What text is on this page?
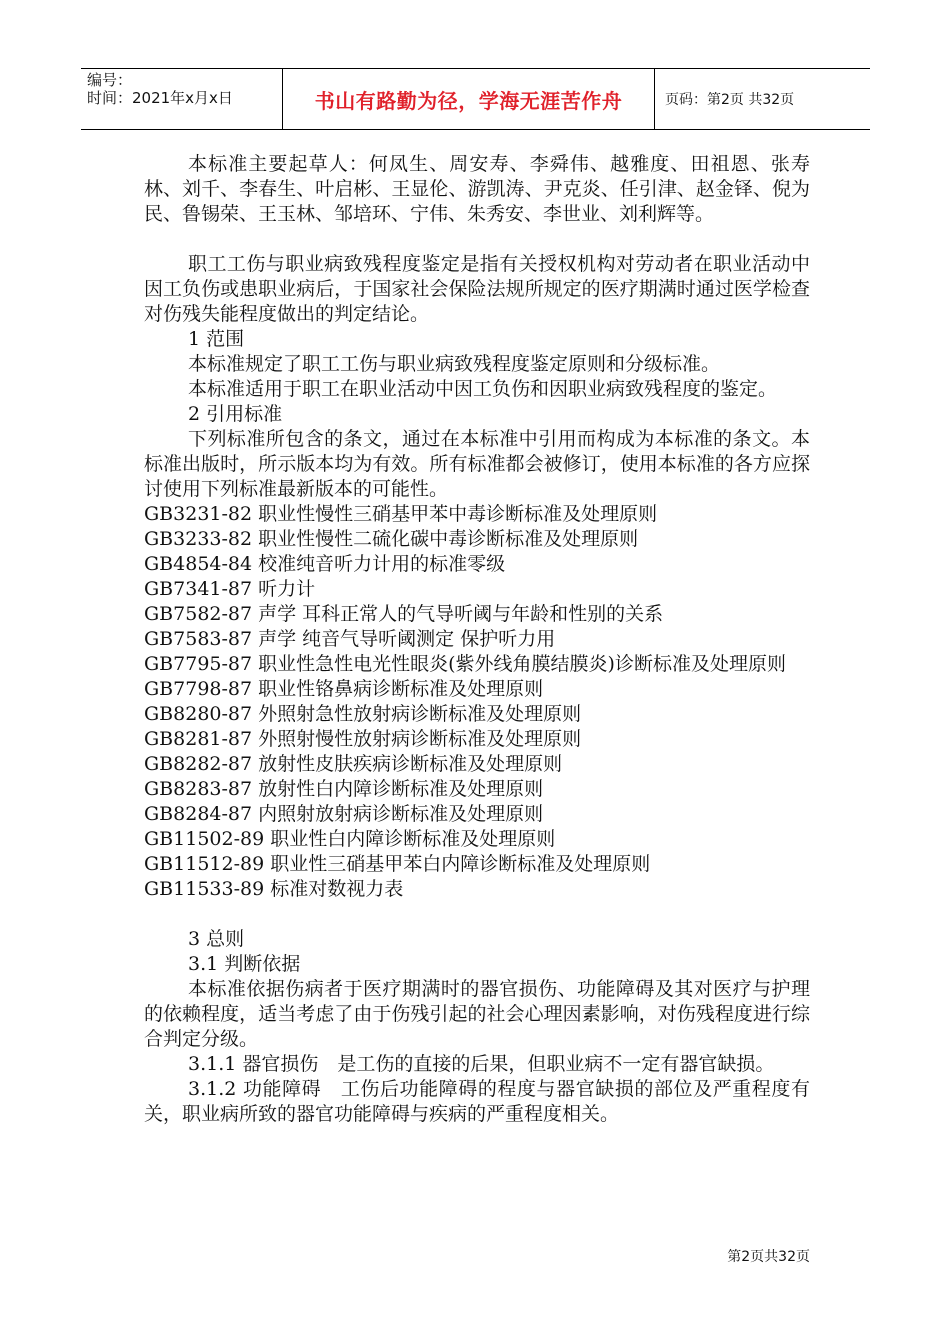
编号：
时间：2021年x月x日	书山有路勤为径，学海无涯苦作舟	页码：第2页 共32页

本标准主要起草人：何凤生、周安寿、李舜伟、越雅度、田祖恩、张寿林、刘千、李春生、叶启彬、王显伦、游凯涛、尹克炎、任引津、赵金铎、倪为民、鲁锡荣、王玉林、邹培环、宁伟、朱秀安、李世业、刘利辉等。

职工工伤与职业病致残程度鉴定是指有关授权机构对劳动者在职业活动中因工负伤或患职业病后，于国家社会保险法规所规定的医疗期满时通过医学检查对伤残失能程度做出的判定结论。

1 范围

本标准规定了职工工伤与职业病致残程度鉴定原则和分级标准。

本标准适用于职工在职业活动中因工负伤和因职业病致残程度的鉴定。

2 引用标准

下列标准所包含的条文，通过在本标准中引用而构成为本标准的条文。本标准出版时，所示版本均为有效。所有标准都会被修订，使用本标准的各方应探讨使用下列标准最新版本的可能性。

GB3231-82 职业性慢性三硝基甲苯中毒诊断标准及处理原则

GB3233-82 职业性慢性二硫化碳中毒诊断标准及处理原则

GB4854-84 校准纯音听力计用的标准零级

GB7341-87 听力计

GB7582-87 声学 耳科正常人的气导听阈与年龄和性别的关系

GB7583-87 声学 纯音气导听阈测定 保护听力用

GB7795-87 职业性急性电光性眼炎(紫外线角膜结膜炎)诊断标准及处理原则

GB7798-87 职业性铬鼻病诊断标准及处理原则

GB8280-87 外照射急性放射病诊断标准及处理原则

GB8281-87 外照射慢性放射病诊断标准及处理原则

GB8282-87 放射性皮肤疾病诊断标准及处理原则

GB8283-87 放射性白内障诊断标准及处理原则

GB8284-87 内照射放射病诊断标准及处理原则

GB11502-89 职业性白内障诊断标准及处理原则

GB11512-89 职业性三硝基甲苯白内障诊断标准及处理原则

GB11533-89 标准对数视力表

3 总则

3.1 判断依据

本标准依据伤病者于医疗期满时的器官损伤、功能障碍及其对医疗与护理的依赖程度，适当考虑了由于伤残引起的社会心理因素影响，对伤残程度进行综合判定分级。

3.1.1 器官损伤　是工伤的直接的后果，但职业病不一定有器官缺损。

3.1.2 功能障碍　工伤后功能障碍的程度与器官缺损的部位及严重程度有关，职业病所致的器官功能障碍与疾病的严重程度相关。

第2页共32页
